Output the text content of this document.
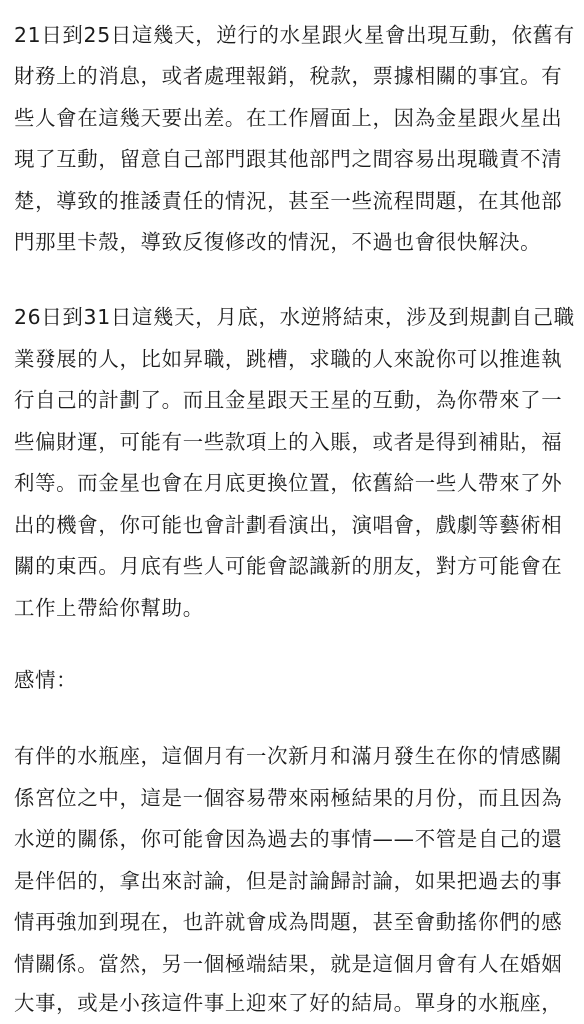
21日到25日這幾天，逆行的水星跟火星會出現互動，依舊有
財務上的消息，或者處理報銷，稅款，票據相關的事宜。有
些人會在這幾天要出差。在工作層面上，因為金星跟火星出
現了互動，留意自己部門跟其他部門之間容易出現職責不清
楚，導致的推諉責任的情況，甚至一些流程問題，在其他部
門那里卡殼，導致反復修改的情況，不過也會很快解決。
26日到31日這幾天，月底，水逆將結束，涉及到規劃自己職
業發展的人，比如昇職，跳槽，求職的人來說你可以推進執
行自己的計劃了。而且金星跟天王星的互動，為你帶來了一
些偏財運，可能有一些款項上的入賬，或者是得到補貼，福
利等。而金星也會在月底更換位置，依舊給一些人帶來了外
出的機會，你可能也會計劃看演出，演唱會，戲劇等藝術相
關的東西。月底有些人可能會認識新的朋友，對方可能會在
工作上帶給你幫助。
感情：
有伴的水瓶座，這個月有一次新月和滿月發生在你的情感關
係宮位之中，這是一個容易帶來兩極結果的月份，而且因為
水逆的關係，你可能會因為過去的事情——不管是自己的還
是伴侶的，拿出來討論，但是討論歸討論，如果把過去的事
情再強加到現在，也許就會成為問題，甚至會動搖你們的感
情關係。當然，另一個極端結果，就是這個月會有人在婚姻
大事，或是小孩這件事上迎來了好的結局。單身的水瓶座，
